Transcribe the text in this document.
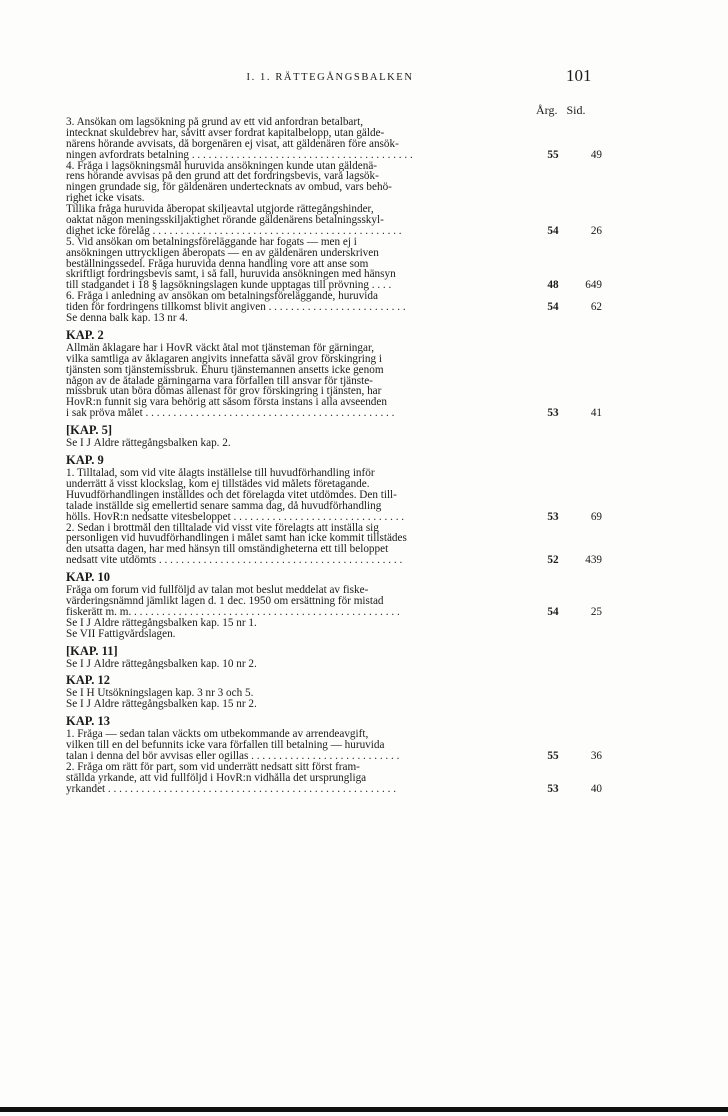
I. 1. RÄTTEGÅNGSBALKEN	101
Årg. Sid.
3. Ansökan om lagsökning på grund av ett vid anfordran betalbart,
intecknat skuldebrev har, såvitt avser fordrat kapitalbelopp, utan gälde-
närens hörande avvisats, då borgenären ej visat, att gäldenären före ansök-
ningen avfordrats betalning . . . . . . . . . . . . . . . . . . . . . . . . . . . . . . . . . . . . . . . .	55	49
4. Fråga i lagsökningsmål huruvida ansökningen kunde utan gäldenä-
rens hörande avvisas på den grund att det fordringsbevis, varå lagsök-
ningen grundade sig, för gäldenären undertecknats av ombud, vars behö-
righet icke visats.
Tillika fråga huruvida åberopat skiljeavtal utgjorde rättegångshinder,
oaktat någon meningsskiljaktighet rörande gäldenärens betalningsskyl-
dighet icke förelåg . . . . . . . . . . . . . . . . . . . . . . . . . . . . . . . . . . . . . . . . . . . . .	54	26
5. Vid ansökan om betalningsföreläggande har fogats — men ej i
ansökningen uttryckligen åberopats — en av gäldenären underskriven
beställningssedel. Fråga huruvida denna handling vore att anse som
skriftligt fordringsbevis samt, i så fall, huruvida ansökningen med hänsyn
till stadgandet i 18 § lagsökningslagen kunde upptagas till prövning . . . .	48	649
6. Fråga i anledning av ansökan om betalningsföreläggande, huruvida
tiden för fordringens tillkomst blivit angiven . . . . . . . . . . . . . . . . . . . . . . . . .	54	62
Se denna balk kap. 13 nr 4.
KAP. 2
Allmän åklagare har i HovR väckt åtal mot tjänsteman för gärningar,
vilka samtliga av åklagaren angivits innefatta såväl grov förskingring i
tjänsten som tjänstemissbruk. Ehuru tjänstemannen ansetts icke genom
någon av de åtalade gärningarna vara förfallen till ansvar för tjänste-
missbruk utan böra dömas allenast för grov förskingring i tjänsten, har
HovR:n funnit sig vara behörig att såsom första instans i alla avseenden
i sak pröva målet . . . . . . . . . . . . . . . . . . . . . . . . . . . . . . . . . . . . . . . . . . . . .	53	41
[KAP. 5]
Se I J Äldre rättegångsbalken kap. 2.
KAP. 9
1. Tilltalad, som vid vite ålagts inställelse till huvudförhandling inför
underrätt å visst klockslag, kom ej tillstädes vid målets företagande.
Huvudförhandlingen inställdes och det förelagda vitet utdömdes. Den till-
talade inställde sig emellertid senare samma dag, då huvudförhandling
hölls. HovR:n nedsatte vitesbeloppet . . . . . . . . . . . . . . . . . . . . . . . . . . . . . . .	53	69
2. Sedan i brottmål den tilltalade vid visst vite förelagts att inställa sig
personligen vid huvudförhandlingen i målet samt han icke kommit tillstädes
den utsatta dagen, har med hänsyn till omständigheterna ett till beloppet
nedsatt vite utdömts . . . . . . . . . . . . . . . . . . . . . . . . . . . . . . . . . . . . . . . . . . . .	52	439
KAP. 10
Fråga om forum vid fullföljd av talan mot beslut meddelat av fiske-
värderingsnämnd jämlikt lagen d. 1 dec. 1950 om ersättning för mistad
fiskerätt m. m. . . . . . . . . . . . . . . . . . . . . . . . . . . . . . . . . . . . . . . . . . . . . . . . .	54	25
Se I J Äldre rättegångsbalken kap. 15 nr 1.
Se VII Fattigvårdslagen.
[KAP. 11]
Se I J Äldre rättegångsbalken kap. 10 nr 2.
KAP. 12
Se I H Utsökningslagen kap. 3 nr 3 och 5.
Se I J Äldre rättegångsbalken kap. 15 nr 2.
KAP. 13
1. Fråga — sedan talan väckts om utbekommande av arrendeavgift,
vilken till en del befunnits icke vara förfallen till betalning — huruvida
talan i denna del bör avvisas eller ogillas . . . . . . . . . . . . . . . . . . . . . . . . . . .	55	36
2. Fråga om rätt för part, som vid underrätt nedsatt sitt först fram-
ställda yrkande, att vid fullföljd i HovR:n vidhålla det ursprungliga
yrkandet . . . . . . . . . . . . . . . . . . . . . . . . . . . . . . . . . . . . . . . . . . . . . . . . . . . .	53	40
